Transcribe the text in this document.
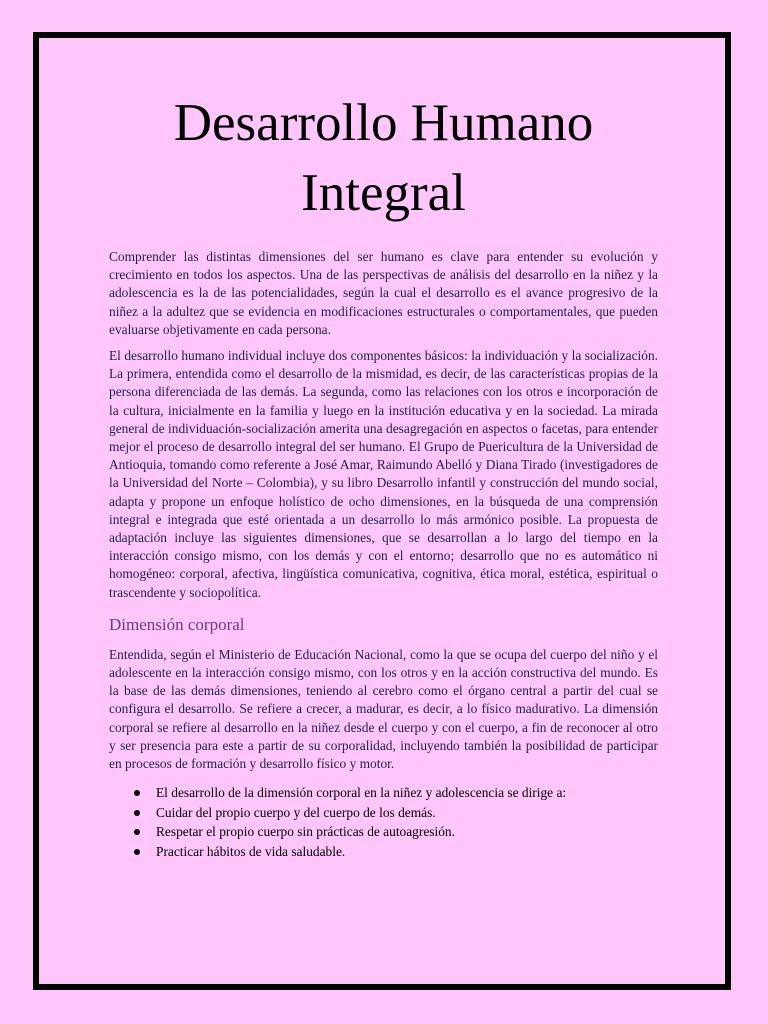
Desarrollo Humano Integral

Comprender las distintas dimensiones del ser humano es clave para entender su evolución y crecimiento en todos los aspectos. Una de las perspectivas de análisis del desarrollo en la niñez y la adolescencia es la de las potencialidades, según la cual el desarrollo es el avance progresivo de la niñez a la adultez que se evidencia en modificaciones estructurales o comportamentales, que pueden evaluarse objetivamente en cada persona.

El desarrollo humano individual incluye dos componentes básicos: la individuación y la socialización. La primera, entendida como el desarrollo de la mismidad, es decir, de las características propias de la persona diferenciada de las demás. La segunda, como las relaciones con los otros e incorporación de la cultura, inicialmente en la familia y luego en la institución educativa y en la sociedad. La mirada general de individuación-socialización amerita una desagregación en aspectos o facetas, para entender mejor el proceso de desarrollo integral del ser humano. El Grupo de Puericultura de la Universidad de Antioquia, tomando como referente a José Amar, Raimundo Abelló y Diana Tirado (investigadores de la Universidad del Norte – Colombia), y su libro Desarrollo infantil y construcción del mundo social, adapta y propone un enfoque holístico de ocho dimensiones, en la búsqueda de una comprensión integral e integrada que esté orientada a un desarrollo lo más armónico posible. La propuesta de adaptación incluye las siguientes dimensiones, que se desarrollan a lo largo del tiempo en la interacción consigo mismo, con los demás y con el entorno; desarrollo que no es automático ni homogéneo: corporal, afectiva, lingüística comunicativa, cognitiva, ética moral, estética, espiritual o trascendente y sociopolítica.

Dimensión corporal

Entendida, según el Ministerio de Educación Nacional, como la que se ocupa del cuerpo del niño y el adolescente en la interacción consigo mismo, con los otros y en la acción constructiva del mundo. Es la base de las demás dimensiones, teniendo al cerebro como el órgano central a partir del cual se configura el desarrollo. Se refiere a crecer, a madurar, es decir, a lo físico madurativo. La dimensión corporal se refiere al desarrollo en la niñez desde el cuerpo y con el cuerpo, a fin de reconocer al otro y ser presencia para este a partir de su corporalidad, incluyendo también la posibilidad de participar en procesos de formación y desarrollo físico y motor.

El desarrollo de la dimensión corporal en la niñez y adolescencia se dirige a:
Cuidar del propio cuerpo y del cuerpo de los demás.
Respetar el propio cuerpo sin prácticas de autoagresión.
Practicar hábitos de vida saludable.
